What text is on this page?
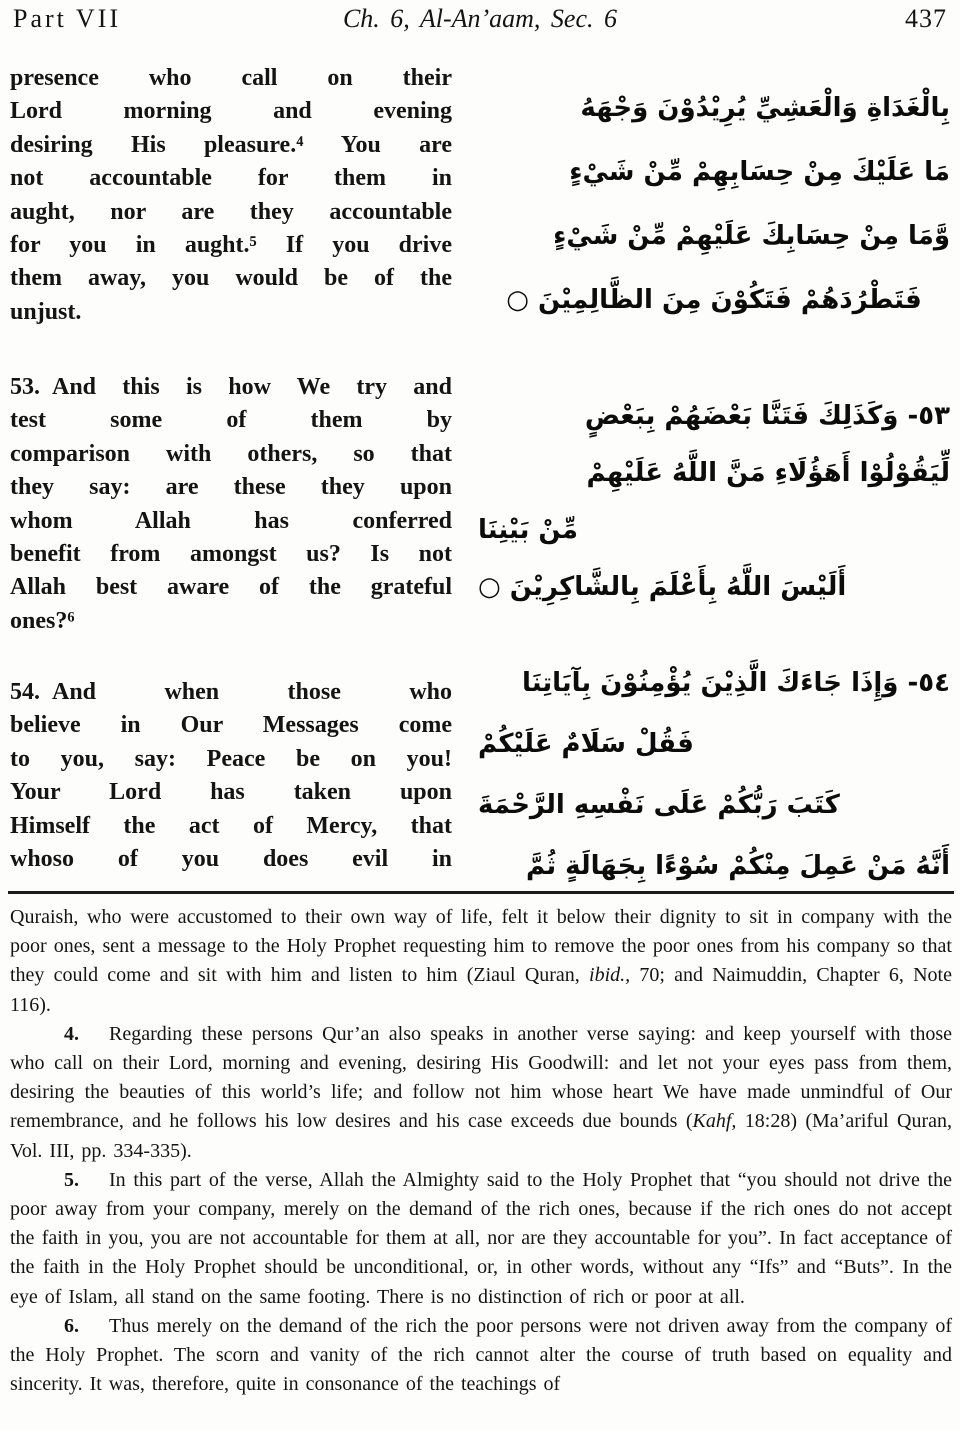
Part VII	Ch. 6, Al-An’aam, Sec. 6	437
presence who call on their
Lord morning and evening
desiring His pleasure.⁴ You are
not accountable for them in
aught, nor are they accountable
for you in aught.⁵ If you drive
them away, you would be of the
unjust.
بِالْغَدَاةِ وَالْعَشِيِّ يُرِيْدُوْنَ وَجْهَهُ
مَا عَلَيْكَ مِنْ حِسَابِهِمْ مِّنْ شَيْءٍ
وَّمَا مِنْ حِسَابِكَ عَلَيْهِمْ مِّنْ شَيْءٍ
فَتَطْرُدَهُمْ فَتَكُوْنَ مِنَ الظَّالِمِيْنَ ○
53. And this is how We try and
test some of them by
comparison with others, so that
they say: are these they upon
whom Allah has conferred
benefit from amongst us? Is not
Allah best aware of the grateful
ones?⁶
٥٣- وَكَذَلِكَ فَتَنَّا بَعْضَهُمْ بِبَعْضٍ
لِّيَقُوْلُوْا أَهَؤُلَاءِ مَنَّ اللَّهُ عَلَيْهِمْ
مِّنْ بَيْنِنَا
أَلَيْسَ اللَّهُ بِأَعْلَمَ بِالشَّاكِرِيْنَ ○
54. And when those who
believe in Our Messages come
to you, say: Peace be on you!
Your Lord has taken upon
Himself the act of Mercy, that
whoso of you does evil in
٥٤- وَإِذَا جَاءَكَ الَّذِيْنَ يُؤْمِنُوْنَ بِآيَاتِنَا
فَقُلْ سَلَامٌ عَلَيْكُمْ
كَتَبَ رَبُّكُمْ عَلَى نَفْسِهِ الرَّحْمَةَ
أَنَّهُ مَنْ عَمِلَ مِنْكُمْ سُوْءًا بِجَهَالَةٍ ثُمَّ

Quraish, who were accustomed to their own way of life, felt it below their dignity to sit in company with the poor ones, sent a message to the Holy Prophet requesting him to remove the poor ones from his company so that they could come and sit with him and listen to him (Ziaul Quran, ibid., 70; and Naimuddin, Chapter 6, Note 116).

4.  Regarding these persons Qur’an also speaks in another verse saying: and keep yourself with those who call on their Lord, morning and evening, desiring His Goodwill: and let not your eyes pass from them, desiring the beauties of this world’s life; and follow not him whose heart We have made unmindful of Our remembrance, and he follows his low desires and his case exceeds due bounds (Kahf, 18:28) (Ma’ariful Quran, Vol. III, pp. 334-335).

5.  In this part of the verse, Allah the Almighty said to the Holy Prophet that “you should not drive the poor away from your company, merely on the demand of the rich ones, because if the rich ones do not accept the faith in you, you are not accountable for them at all, nor are they accountable for you”. In fact acceptance of the faith in the Holy Prophet should be unconditional, or, in other words, without any “Ifs” and “Buts”. In the eye of Islam, all stand on the same footing. There is no distinction of rich or poor at all.

6.  Thus merely on the demand of the rich the poor persons were not driven away from the company of the Holy Prophet. The scorn and vanity of the rich cannot alter the course of truth based on equality and sincerity. It was, therefore, quite in consonance of the teachings of
